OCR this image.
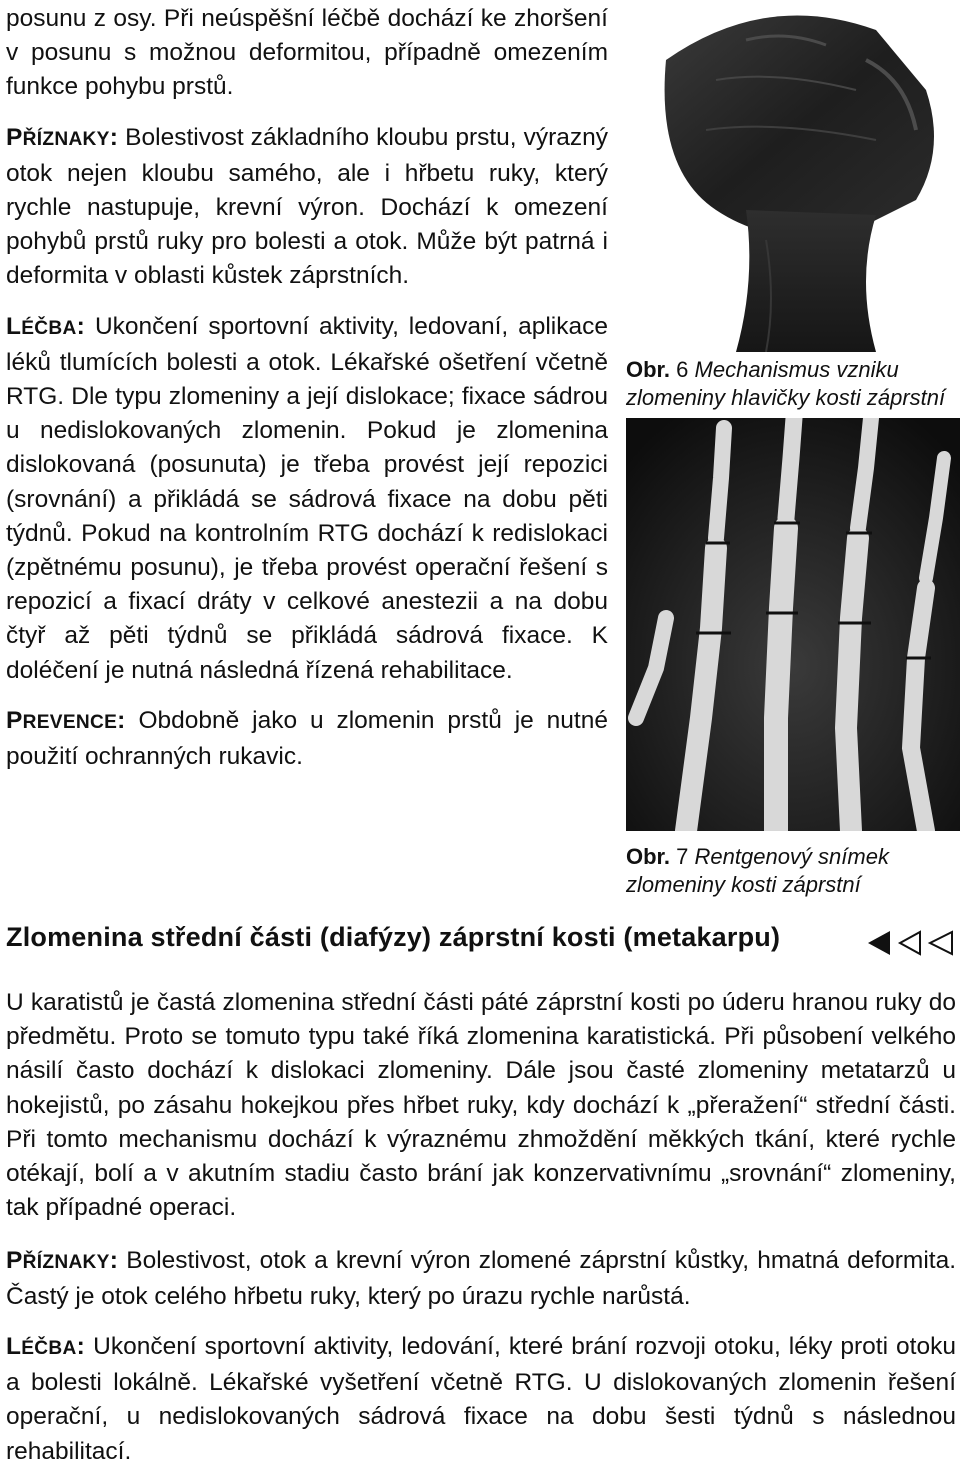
posunu z osy. Při neúspěšní léčbě dochází ke zhoršení v posunu s možnou deformitou, případně omezením funkce pohybu prstů.

PŘÍZNAKY: Bolestivost základního kloubu prstu, výrazný otok nejen kloubu samého, ale i hřbetu ruky, který rychle nastupuje, krevní výron. Dochází k omezení pohybů prstů ruky pro bolesti a otok. Může být patrná i deformita v oblasti kůstek záprstních.

LÉČBA: Ukončení sportovní aktivity, ledovaní, aplikace léků tlumících bolesti a otok. Lékařské ošetření včetně RTG. Dle typu zlomeniny a její dislokace; fixace sádrou u nedislokovaných zlomenin. Pokud je zlomenina dislokovaná (posunuta) je třeba provést její repozici (srovnání) a přikládá se sádrová fixace na dobu pěti týdnů. Pokud na kontrolním RTG dochází k redislokaci (zpětnému posunu), je třeba provést operační řešení s repozicí a fixací dráty v celkové anestezii a na dobu čtyř až pěti týdnů se přikládá sádrová fixace. K doléčení je nutná následná řízená rehabilitace.

PREVENCE: Obdobně jako u zlomenin prstů je nutné použití ochranných rukavic.

Obr. 6 Mechanismus vzniku zlomeniny hlavičky kosti záprstní
Obr. 7 Rentgenový snímek zlomeniny kosti záprstní
Zlomenina střední části (diafýzy) záprstní kosti (metakarpu)

U karatistů je častá zlomenina střední části páté záprstní kosti po úderu hranou ruky do předmětu. Proto se tomuto typu také říká zlomenina karatistická. Při působení velkého násilí často dochází k dislokaci zlomeniny. Dále jsou časté zlomeniny metatarzů u hokejistů, po zásahu hokejkou přes hřbet ruky, kdy dochází k „přeražení“ střední části. Při tomto mechanismu dochází k výraznému zhmoždění měkkých tkání, které rychle otékají, bolí a v akutním stadiu často brání jak konzervativnímu „srovnání“ zlomeniny, tak případné operaci.

PŘÍZNAKY: Bolestivost, otok a krevní výron zlomené záprstní kůstky, hmatná deformita. Častý je otok celého hřbetu ruky, který po úrazu rychle narůstá.

LÉČBA: Ukončení sportovní aktivity, ledování, které brání rozvoji otoku, léky proti otoku a bolesti lokálně. Lékařské vyšetření včetně RTG. U dislokovaných zlomenin řešení operační, u nedislokovaných sádrová fixace na dobu šesti týdnů s následnou rehabilitací.
